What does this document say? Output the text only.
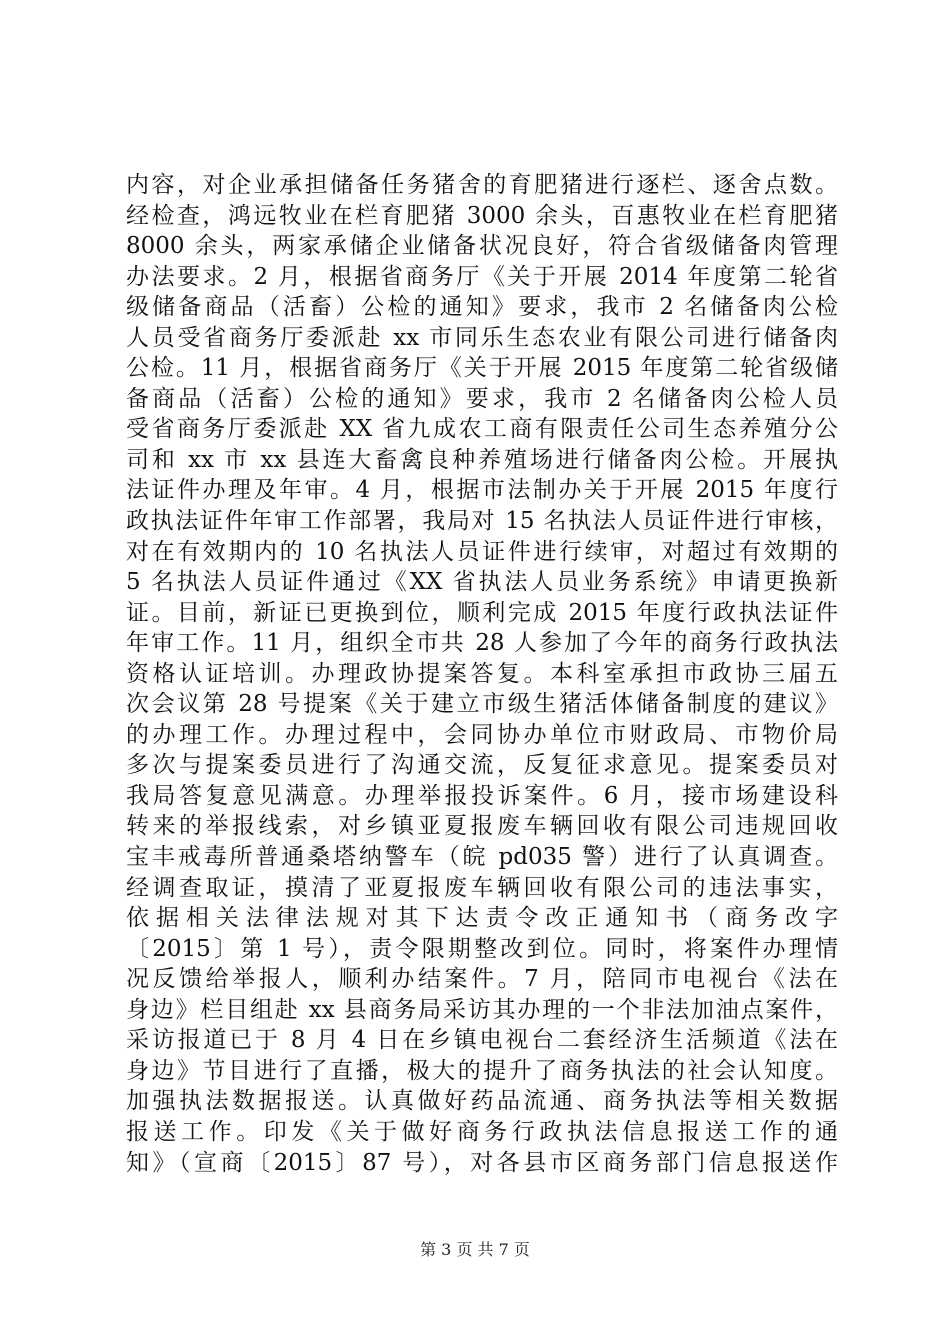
内容，对企业承担储备任务猪舍的育肥猪进行逐栏、逐舍点数。
经检查，鸿远牧业在栏育肥猪 3000 余头，百惠牧业在栏育肥猪
8000 余头，两家承储企业储备状况良好，符合省级储备肉管理
办法要求。2 月，根据省商务厅《关于开展 2014 年度第二轮省
级储备商品（活畜）公检的通知》要求，我市 2 名储备肉公检
人员受省商务厅委派赴 xx 市同乐生态农业有限公司进行储备肉
公检。11 月，根据省商务厅《关于开展 2015 年度第二轮省级储
备商品（活畜）公检的通知》要求，我市 2 名储备肉公检人员
受省商务厅委派赴 XX 省九成农工商有限责任公司生态养殖分公
司和 xx 市 xx 县连大畜禽良种养殖场进行储备肉公检。开展执
法证件办理及年审。4 月，根据市法制办关于开展 2015 年度行
政执法证件年审工作部署，我局对 15 名执法人员证件进行审核，
对在有效期内的 10 名执法人员证件进行续审，对超过有效期的
5 名执法人员证件通过《XX 省执法人员业务系统》申请更换新
证。目前，新证已更换到位，顺利完成 2015 年度行政执法证件
年审工作。11 月，组织全市共 28 人参加了今年的商务行政执法
资格认证培训。办理政协提案答复。本科室承担市政协三届五
次会议第 28 号提案《关于建立市级生猪活体储备制度的建议》
的办理工作。办理过程中，会同协办单位市财政局、市物价局
多次与提案委员进行了沟通交流，反复征求意见。提案委员对
我局答复意见满意。办理举报投诉案件。6 月，接市场建设科
转来的举报线索，对乡镇亚夏报废车辆回收有限公司违规回收
宝丰戒毒所普通桑塔纳警车（皖 pd035 警）进行了认真调查。
经调查取证，摸清了亚夏报废车辆回收有限公司的违法事实，
依据相关法律法规对其下达责令改正通知书（商务改字
〔2015〕第 1 号），责令限期整改到位。同时，将案件办理情
况反馈给举报人，顺利办结案件。7 月，陪同市电视台《法在
身边》栏目组赴 xx 县商务局采访其办理的一个非法加油点案件，
采访报道已于 8 月 4 日在乡镇电视台二套经济生活频道《法在
身边》节目进行了直播，极大的提升了商务执法的社会认知度。
加强执法数据报送。认真做好药品流通、商务执法等相关数据
报送工作。印发《关于做好商务行政执法信息报送工作的通
知》（宣商〔2015〕87 号），对各县市区商务部门信息报送作
第 3 页 共 7 页
